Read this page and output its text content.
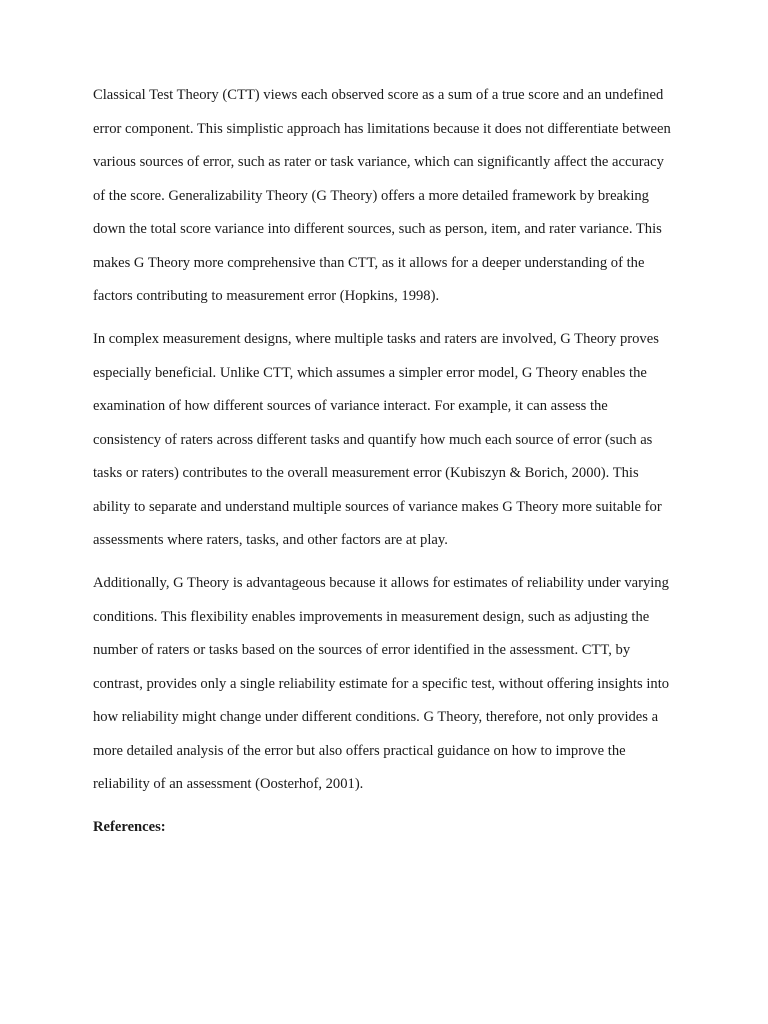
Classical Test Theory (CTT) views each observed score as a sum of a true score and an undefined error component. This simplistic approach has limitations because it does not differentiate between various sources of error, such as rater or task variance, which can significantly affect the accuracy of the score. Generalizability Theory (G Theory) offers a more detailed framework by breaking down the total score variance into different sources, such as person, item, and rater variance. This makes G Theory more comprehensive than CTT, as it allows for a deeper understanding of the factors contributing to measurement error (Hopkins, 1998).

In complex measurement designs, where multiple tasks and raters are involved, G Theory proves especially beneficial. Unlike CTT, which assumes a simpler error model, G Theory enables the examination of how different sources of variance interact. For example, it can assess the consistency of raters across different tasks and quantify how much each source of error (such as tasks or raters) contributes to the overall measurement error (Kubiszyn & Borich, 2000). This ability to separate and understand multiple sources of variance makes G Theory more suitable for assessments where raters, tasks, and other factors are at play.

Additionally, G Theory is advantageous because it allows for estimates of reliability under varying conditions. This flexibility enables improvements in measurement design, such as adjusting the number of raters or tasks based on the sources of error identified in the assessment. CTT, by contrast, provides only a single reliability estimate for a specific test, without offering insights into how reliability might change under different conditions. G Theory, therefore, not only provides a more detailed analysis of the error but also offers practical guidance on how to improve the reliability of an assessment (Oosterhof, 2001).

References:
